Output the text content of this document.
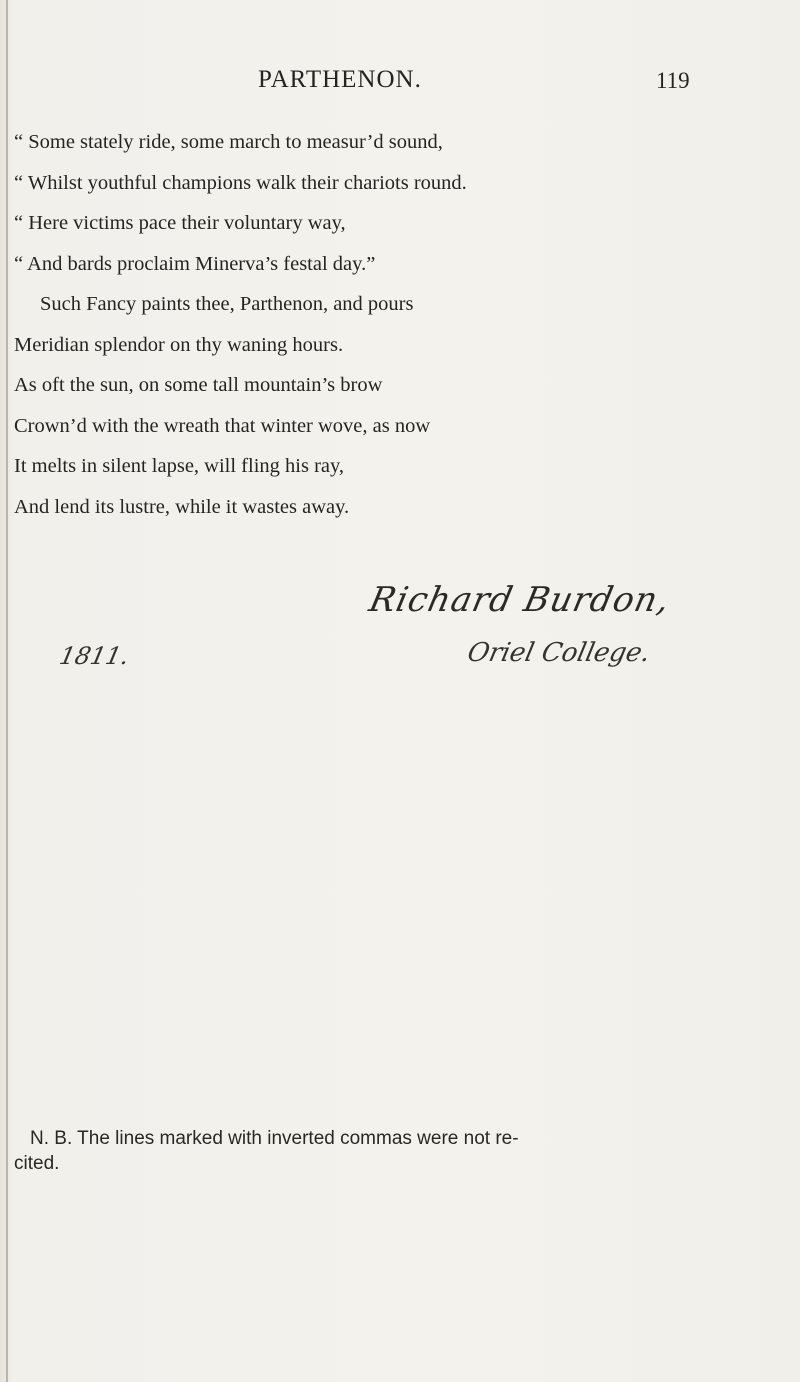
PARTHENON.	119
“ Some stately ride, some march to measur’d sound,
“ Whilst youthful champions walk their chariots round.
“ Here victims pace their voluntary way,
“ And bards proclaim Minerva’s festal day.”
Such Fancy paints thee, Parthenon, and pours
Meridian splendor on thy waning hours.
As oft the sun, on some tall mountain’s brow
Crown’d with the wreath that winter wove, as now
It melts in silent lapse, will fling his ray,
And lend its lustre, while it wastes away.
Richard Burdon,
1811.	Oriel College.
N. B. The lines marked with inverted commas were not re-
cited.
